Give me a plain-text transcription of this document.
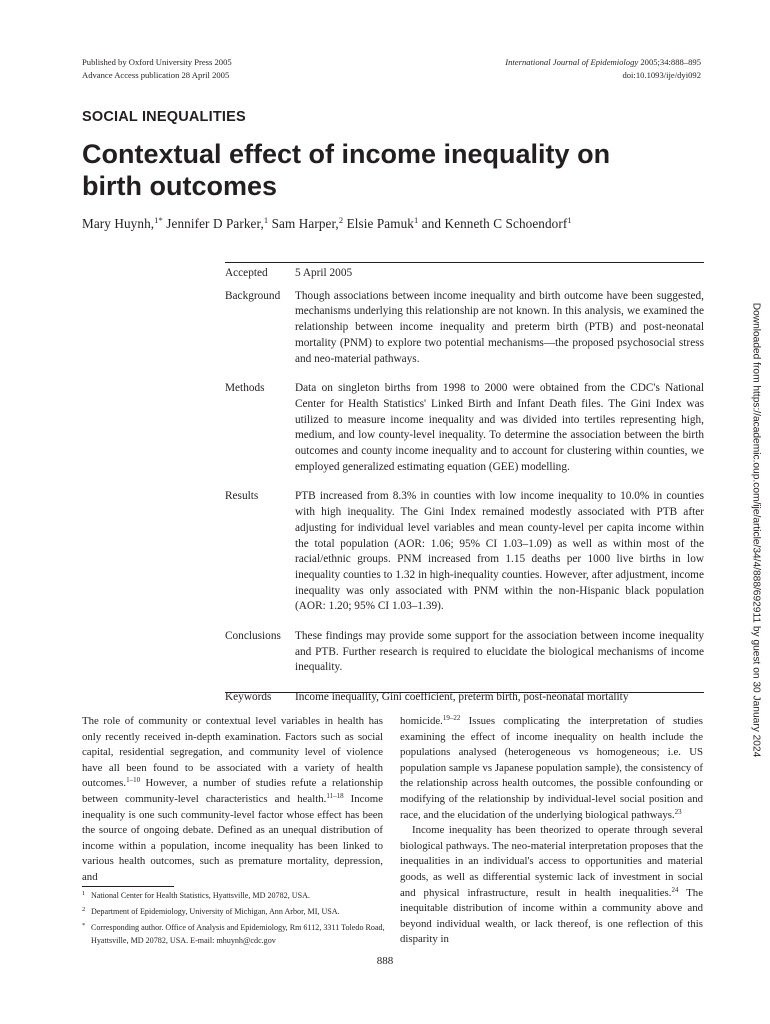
Published by Oxford University Press 2005
Advance Access publication 28 April 2005
International Journal of Epidemiology 2005;34:888–895
doi:10.1093/ije/dyi092
SOCIAL INEQUALITIES
Contextual effect of income inequality on
birth outcomes
Mary Huynh,$^{1*}$ Jennifer D Parker,$^1$ Sam Harper,$^2$ Elsie Pamuk$^1$ and Kenneth C Schoendorf$^1$
Accepted	5 April 2005
Background	Though associations between income inequality and birth outcome have been suggested, mechanisms underlying this relationship are not known. In this analysis, we examined the relationship between income inequality and preterm birth (PTB) and post-neonatal mortality (PNM) to explore two potential mechanisms—the proposed psychosocial stress and neo-material pathways.
Methods	Data on singleton births from 1998 to 2000 were obtained from the CDC's National Center for Health Statistics' Linked Birth and Infant Death files. The Gini Index was utilized to measure income inequality and was divided into tertiles representing high, medium, and low county-level inequality. To determine the association between the birth outcomes and county income inequality and to account for clustering within counties, we employed generalized estimating equation (GEE) modelling.
Results	PTB increased from 8.3% in counties with low income inequality to 10.0% in counties with high inequality. The Gini Index remained modestly associated with PTB after adjusting for individual level variables and mean county-level per capita income within the total population (AOR: 1.06; 95% CI 1.03–1.09) as well as within most of the racial/ethnic groups. PNM increased from 1.15 deaths per 1000 live births in low inequality counties to 1.32 in high-inequality counties. However, after adjustment, income inequality was only associated with PNM within the non-Hispanic black population (AOR: 1.20; 95% CI 1.03–1.39).
Conclusions	These findings may provide some support for the association between income inequality and PTB. Further research is required to elucidate the biological mechanisms of income inequality.
Keywords	Income inequality, Gini coefficient, preterm birth, post-neonatal mortality

The role of community or contextual level variables in health has only recently received in-depth examination. Factors such as social capital, residential segregation, and community level of violence have all been found to be associated with a variety of health outcomes.$^{1-10}$ However, a number of studies refute a relationship between community-level characteristics and health.$^{11-18}$ Income inequality is one such community-level factor whose effect has been the source of ongoing debate. Defined as an unequal distribution of income within a population, income inequality has been linked to various health outcomes, such as premature mortality, depression, and

homicide.$^{19-22}$ Issues complicating the interpretation of studies examining the effect of income inequality on health include the populations analysed (heterogeneous vs homogeneous; i.e. US population sample vs Japanese population sample), the consistency of the relationship across health outcomes, the possible confounding or modifying of the relationship by individual-level social position and race, and the elucidation of the underlying biological pathways.$^{23}$

Income inequality has been theorized to operate through several biological pathways. The neo-material interpretation proposes that the inequalities in an individual's access to opportunities and material goods, as well as differential systemic lack of investment in social and physical infrastructure, result in health inequalities.$^{24}$ The inequitable distribution of income within a community above and beyond individual wealth, or lack thereof, is one reflection of this disparity in

1 National Center for Health Statistics, Hyattsville, MD 20782, USA.
2 Department of Epidemiology, University of Michigan, Ann Arbor, MI, USA.
* Corresponding author. Office of Analysis and Epidemiology, Rm 6112, 3311 Toledo Road, Hyattsville, MD 20782, USA. E-mail: mhuynh@cdc.gov
888
Downloaded from https://academic.oup.com/ije/article/34/4/888/692911 by guest on 30 January 2024
